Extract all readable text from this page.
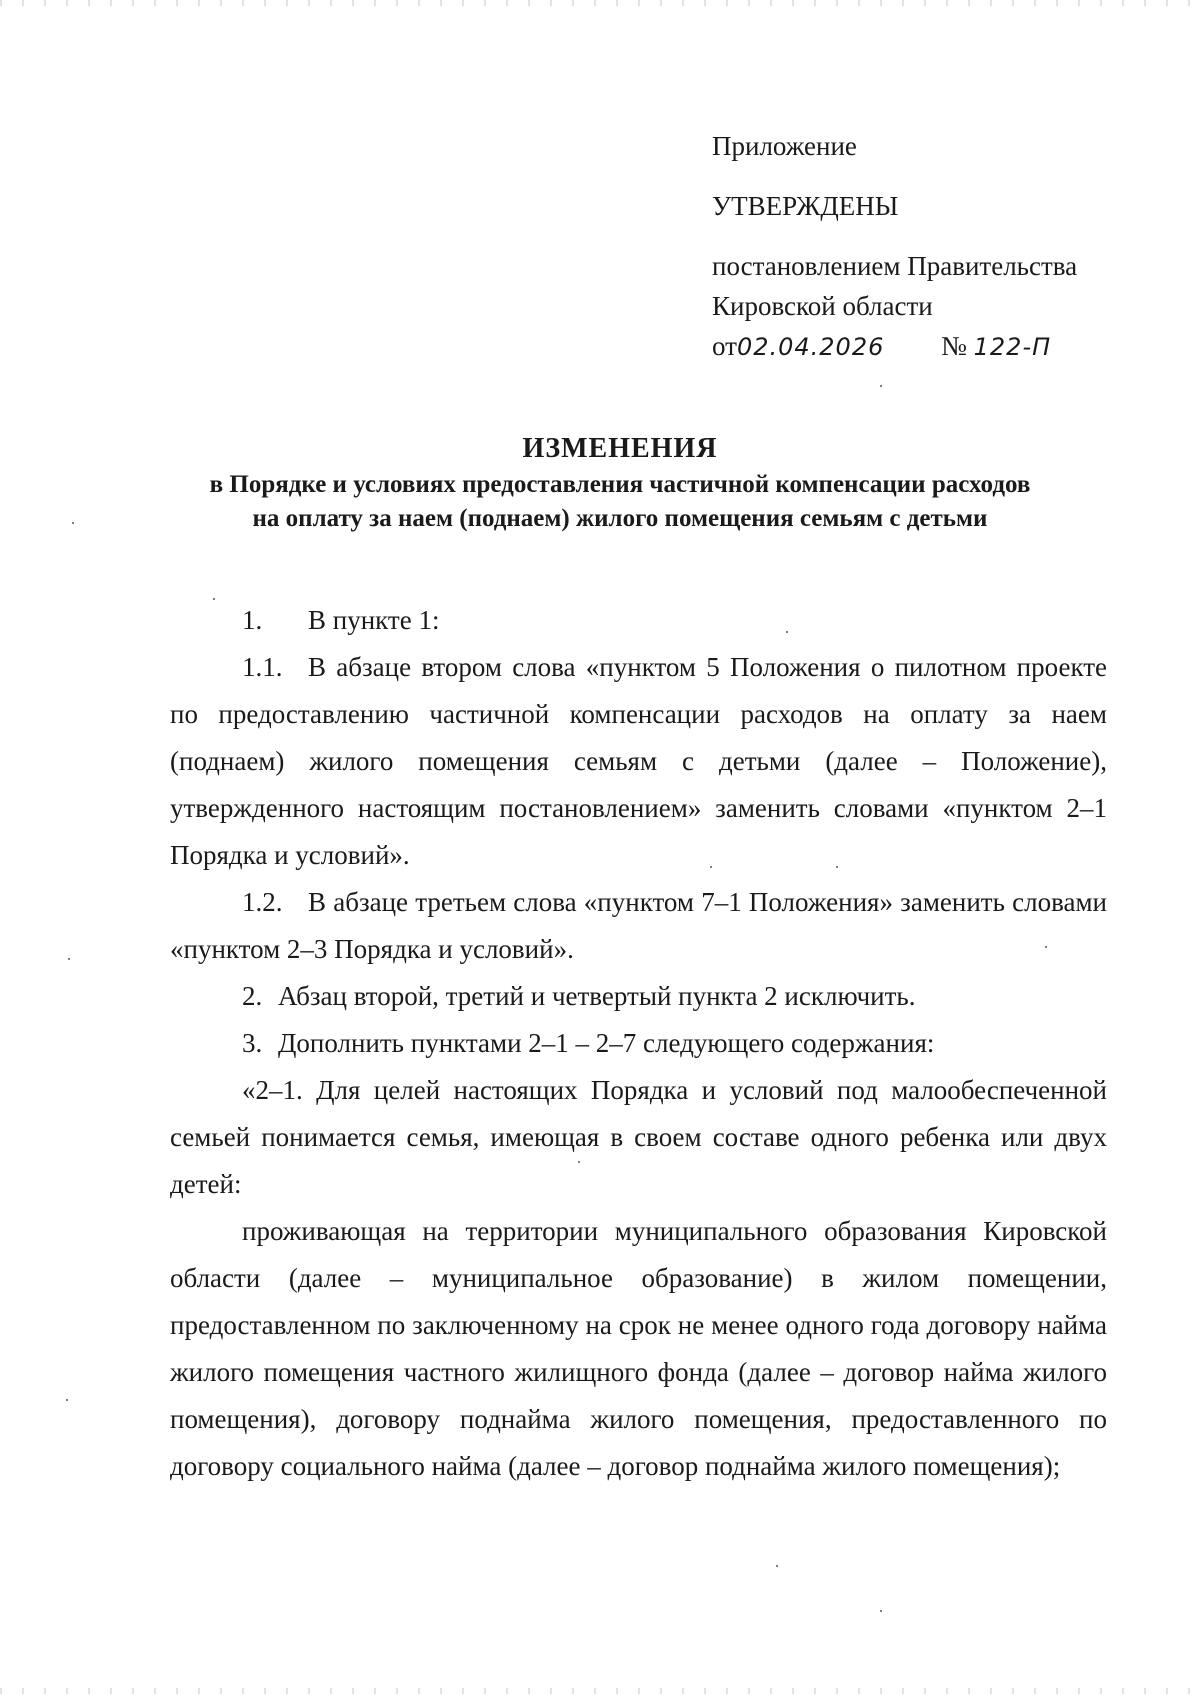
Приложение
УТВЕРЖДЕНЫ
постановлением Правительства
Кировской области
от02.04.2026 № 122-П
ИЗМЕНЕНИЯ
в Порядке и условиях предоставления частичной компенсации расходов
на оплату за наем (поднаем) жилого помещения семьям с детьми

1. В пункте 1:

1.1. В абзаце втором слова «пунктом 5 Положения о пилотном проекте по предоставлению частичной компенсации расходов на оплату за наем (поднаем) жилого помещения семьям с детьми (далее – Положение), утвержденного настоящим постановлением» заменить словами «пунктом 2–1 Порядка и условий».

1.2. В абзаце третьем слова «пунктом 7–1 Положения» заменить словами «пунктом 2–3 Порядка и условий».

2. Абзац второй, третий и четвертый пункта 2 исключить.

3. Дополнить пунктами 2–1 – 2–7 следующего содержания:

«2–1. Для целей настоящих Порядка и условий под малообеспеченной семьей понимается семья, имеющая в своем составе одного ребенка или двух детей:

проживающая на территории муниципального образования Кировской области (далее – муниципальное образование) в жилом помещении, предоставленном по заключенному на срок не менее одного года договору найма жилого помещения частного жилищного фонда (далее – договор найма жилого помещения), договору поднайма жилого помещения, предоставленного по договору социального найма (далее – договор поднайма жилого помещения);
